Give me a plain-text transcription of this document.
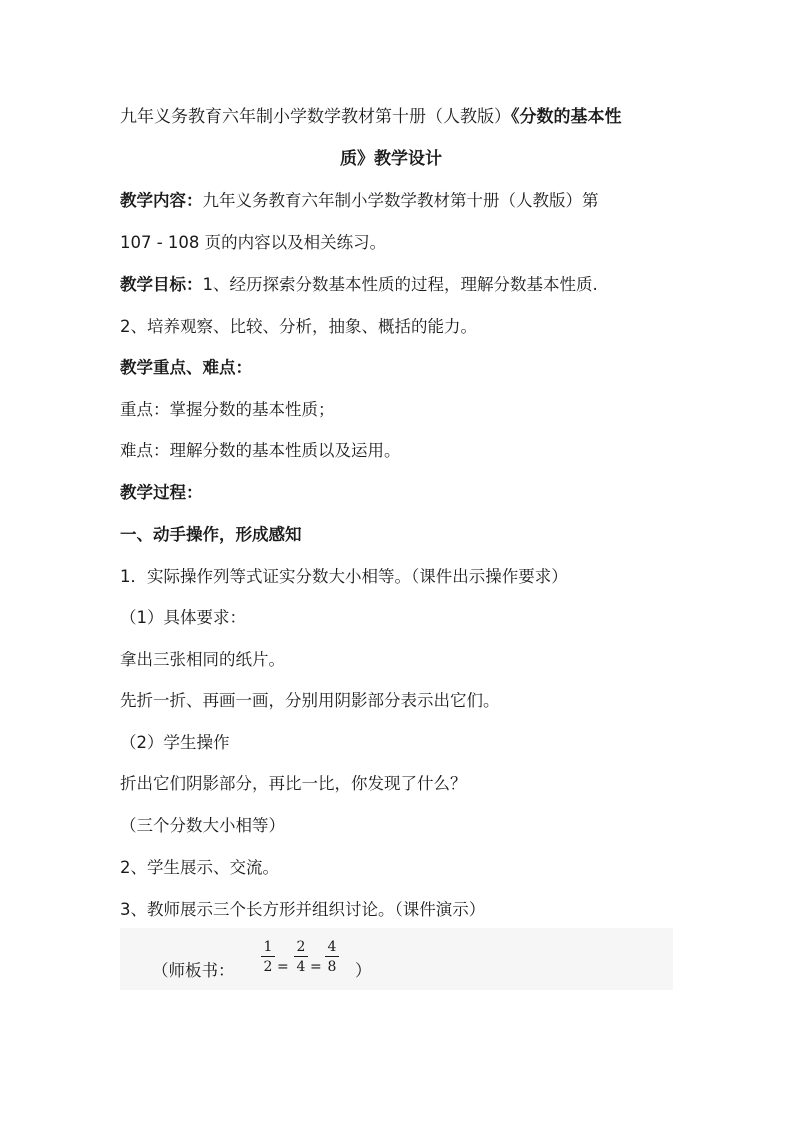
九年义务教育六年制小学数学教材第十册（人教版）《分数的基本性
质》教学设计
教学内容：九年义务教育六年制小学数学教材第十册（人教版）第
107 - 108 页的内容以及相关练习。
教学目标：1、经历探索分数基本性质的过程，理解分数基本性质.
2、培养观察、比较、分析，抽象、概括的能力。
教学重点、难点：
重点：掌握分数的基本性质；
难点：理解分数的基本性质以及运用。
教学过程：
一、动手操作，形成感知
1．实际操作列等式证实分数大小相等。（课件出示操作要求）
（1）具体要求：
拿出三张相同的纸片。
先折一折、再画一画，分别用阴影部分表示出它们。
（2）学生操作
折出它们阴影部分，再比一比，你发现了什么？
（三个分数大小相等）
2、学生展示、交流。
3、教师展示三个长方形并组织讨论。（课件演示）
（师板书：
1
2 =
2
4 =
4
8 ）
